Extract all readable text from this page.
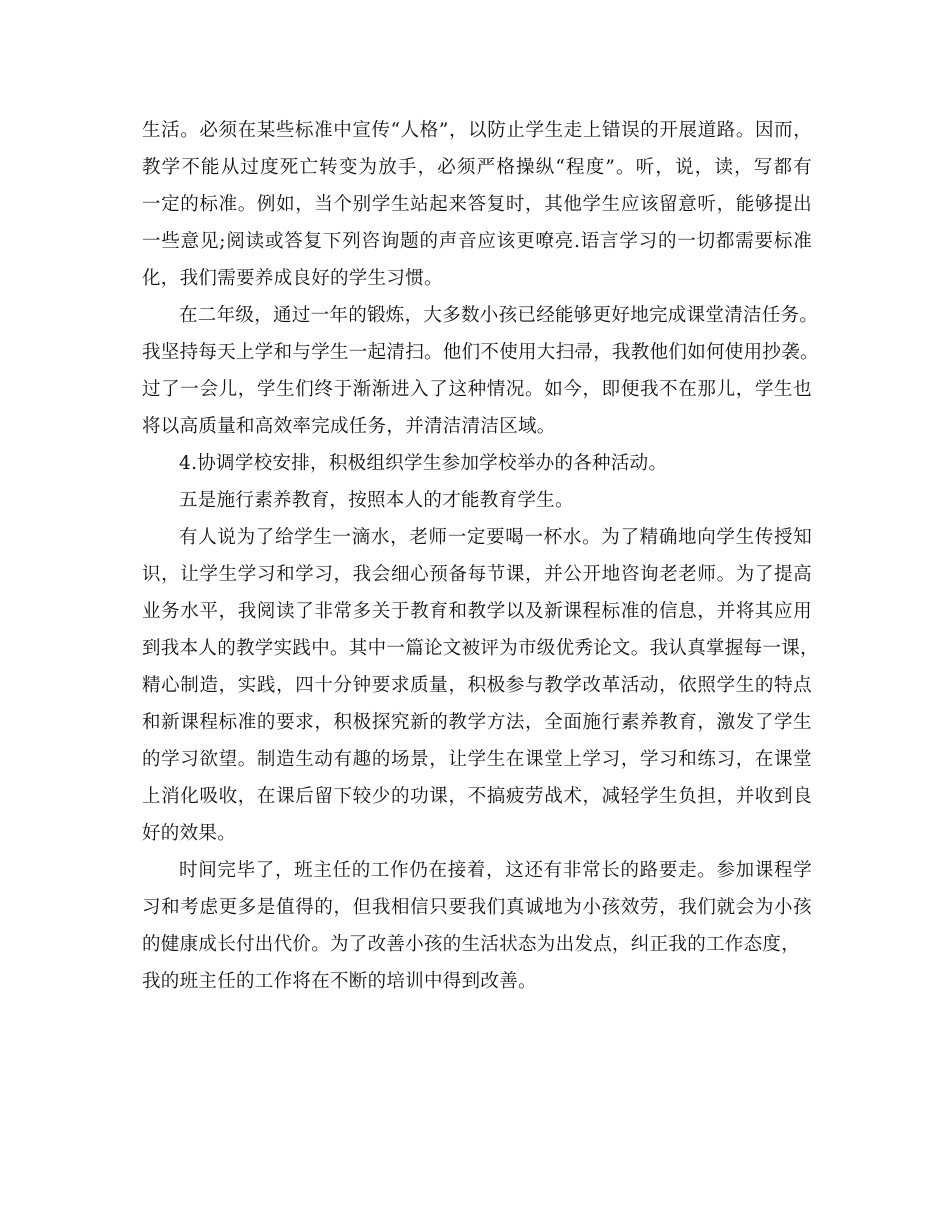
生活。必须在某些标准中宣传“人格”，以防止学生走上错误的开展道路。因而，
教学不能从过度死亡转变为放手，必须严格操纵“程度”。听，说，读，写都有
一定的标准。例如，当个别学生站起来答复时，其他学生应该留意听，能够提出
一些意见;阅读或答复下列咨询题的声音应该更嘹亮.语言学习的一切都需要标准
化，我们需要养成良好的学生习惯。
在二年级，通过一年的锻炼，大多数小孩已经能够更好地完成课堂清洁任务。
我坚持每天上学和与学生一起清扫。他们不使用大扫帚，我教他们如何使用抄袭。
过了一会儿，学生们终于渐渐进入了这种情况。如今，即便我不在那儿，学生也
将以高质量和高效率完成任务，并清洁清洁区域。
4.协调学校安排，积极组织学生参加学校举办的各种活动。
五是施行素养教育，按照本人的才能教育学生。
有人说为了给学生一滴水，老师一定要喝一杯水。为了精确地向学生传授知
识，让学生学习和学习，我会细心预备每节课，并公开地咨询老老师。为了提高
业务水平，我阅读了非常多关于教育和教学以及新课程标准的信息，并将其应用
到我本人的教学实践中。其中一篇论文被评为市级优秀论文。我认真掌握每一课，
精心制造，实践，四十分钟要求质量，积极参与教学改革活动，依照学生的特点
和新课程标准的要求，积极探究新的教学方法，全面施行素养教育，激发了学生
的学习欲望。制造生动有趣的场景，让学生在课堂上学习，学习和练习，在课堂
上消化吸收，在课后留下较少的功课，不搞疲劳战术，减轻学生负担，并收到良
好的效果。
时间完毕了，班主任的工作仍在接着，这还有非常长的路要走。参加课程学
习和考虑更多是值得的，但我相信只要我们真诚地为小孩效劳，我们就会为小孩
的健康成长付出代价。为了改善小孩的生活状态为出发点，纠正我的工作态度，
我的班主任的工作将在不断的培训中得到改善。
